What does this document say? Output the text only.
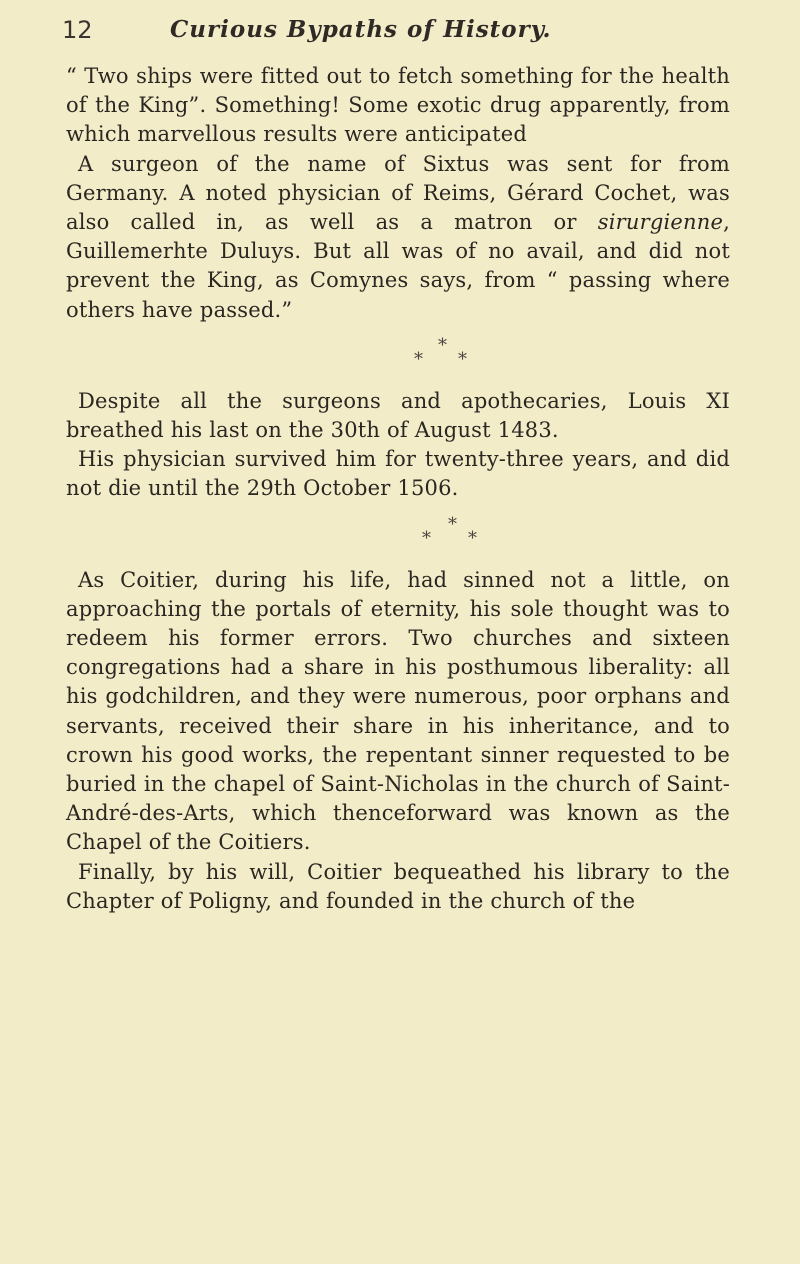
12	Curious Bypaths of History.

“ Two ships were fitted out to fetch something for the health of the King”. Something! Some exotic drug apparently, from which marvellous results were anticipated

A surgeon of the name of Sixtus was sent for from Germany. A noted physician of Reims, Gérard Cochet, was also called in, as well as a matron or sirurgienne, Guillemerhte Duluys. But all was of no avail, and did not prevent the King, as Comynes says, from “ passing where others have passed.”

*
* *

Despite all the surgeons and apothecaries, Louis XI breathed his last on the 30th of August 1483.

His physician survived him for twenty-three years, and did not die until the 29th October 1506.

*
* *

As Coitier, during his life, had sinned not a little, on approaching the portals of eternity, his sole thought was to redeem his former errors. Two churches and sixteen congregations had a share in his posthumous liberality: all his godchildren, and they were numerous, poor orphans and servants, received their share in his inheritance, and to crown his good works, the repentant sinner requested to be buried in the chapel of Saint-Nicholas in the church of Saint-André-des-Arts, which thenceforward was known as the Chapel of the Coitiers.

Finally, by his will, Coitier bequeathed his library to the Chapter of Poligny, and founded in the church of the
